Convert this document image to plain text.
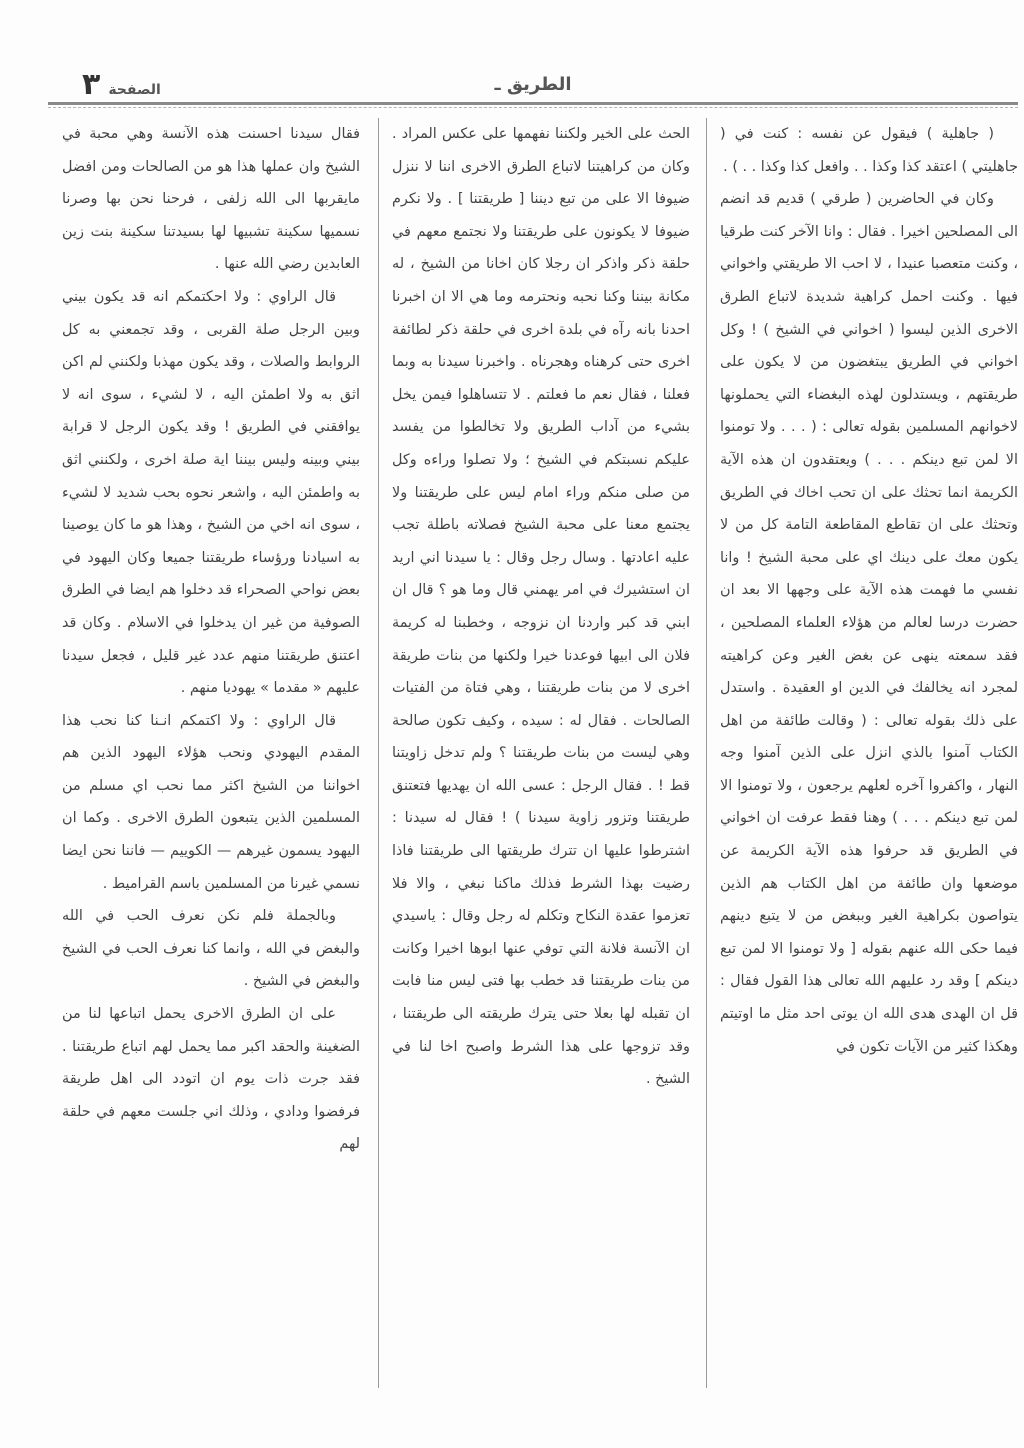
الطريق ـ
الصفحة
٣

( جاهلية ) فيقول عن نفسه : كنت في ( جاهليتي ) اعتقد كذا وكذا . . وافعل كذا وكذا . . ) .

وكان في الحاضرين ( طرقي ) قديم قد انضم الى المصلحين اخيرا . فقال : وانا الآخر كنت طرقيا ، وكنت متعصبا عنيدا ، لا احب الا طريقتي واخواني فيها . وكنت احمل كراهية شديدة لاتباع الطرق الاخرى الذين ليسوا ( اخواني في الشيخ ) ! وكل اخواني في الطريق يبتغضون من لا يكون على طريقتهم ، ويستدلون لهذه البغضاء التي يحملونها لاخوانهم المسلمين بقوله تعالى : ( . . . ولا تومنوا الا لمن تبع دينكم . . . ) ويعتقدون ان هذه الآية الكريمة انما تحثك على ان تحب اخاك في الطريق وتحثك على ان تقاطع المقاطعة التامة كل من لا يكون معك على دينك اي على محبة الشيخ ! وانا نفسي ما فهمت هذه الآية على وجهها الا بعد ان حضرت درسا لعالم من هؤلاء العلماء المصلحين ، فقد سمعته ينهى عن بغض الغير وعن كراهيته لمجرد انه يخالفك في الدين او العقيدة . واستدل على ذلك بقوله تعالى : ( وقالت طائفة من اهل الكتاب آمنوا بالذي انزل على الذين آمنوا وجه النهار ، واكفروا آخره لعلهم يرجعون ، ولا تومنوا الا لمن تبع دينكم . . . ) وهنا فقط عرفت ان اخواني في الطريق قد حرفوا هذه الآية الكريمة عن موضعها وان طائفة من اهل الكتاب هم الذين يتواصون بكراهية الغير وببغض من لا يتبع دينهم فيما حكى الله عنهم بقوله [ ولا تومنوا الا لمن تبع دينكم ] وقد رد عليهم الله تعالى هذا القول فقال : قل ان الهدى هدى الله ان يوتى احد مثل ما اوتيتم وهكذا كثير من الآيات تكون في

الحث على الخير ولكننا نفهمها على عكس المراد . وكان من كراهيتنا لاتباع الطرق الاخرى اننا لا ننزل ضيوفا الا على من تبع ديننا [ طريقتنا ] . ولا نكرم ضيوفا لا يكونون على طريقتنا ولا نجتمع معهم في حلقة ذكر واذكر ان رجلا كان اخانا من الشيخ ، له مكانة بيننا وكنا نحبه ونحترمه وما هي الا ان اخبرنا احدنا بانه رآه في بلدة اخرى في حلقة ذكر لطائفة اخرى حتى كرهناه وهجرناه . واخبرنا سيدنا به وبما فعلنا ، فقال نعم ما فعلتم . لا تتساهلوا فيمن يخل بشيء من آداب الطريق ولا تخالطوا من يفسد عليكم نسبتكم في الشيخ ؛ ولا تصلوا وراءه وكل من صلى منكم وراء امام ليس على طريقتنا ولا يجتمع معنا على محبة الشيخ فصلاته باطلة تجب عليه اعادتها . وسال رجل وقال : يا سيدنا اني اريد ان استشيرك في امر يهمني قال وما هو ؟ قال ان ابني قد كبر واردنا ان نزوجه ، وخطبنا له كريمة فلان الى ابيها فوعدنا خيرا ولكنها من بنات طريقة اخرى لا من بنات طريقتنا ، وهي فتاة من الفتيات الصالحات . فقال له : سيده ، وكيف تكون صالحة وهي ليست من بنات طريقتنا ؟ ولم تدخل زاويتنا قط ! . فقال الرجل : عسى الله ان يهديها فتعتنق طريقتنا وتزور زاوية سيدنا ) ! فقال له سيدنا : اشترطوا عليها ان تترك طريقتها الى طريقتنا فاذا رضيت بهذا الشرط فذلك ماكنا نبغي ، والا فلا تعزموا عقدة النكاح وتكلم له رجل وقال : ياسيدي ان الآنسة فلانة التي توفي عنها ابوها اخيرا وكانت من بنات طريقتنا قد خطب بها فتى ليس منا فابت ان تقبله لها بعلا حتى يترك طريقته الى طريقتنا ، وقد تزوجها على هذا الشرط واصبح اخا لنا في الشيخ .

فقال سيدنا احسنت هذه الآنسة وهي محبة في الشيخ وان عملها هذا هو من الصالحات ومن افضل مايقربها الى الله زلفى ، فرحنا نحن بها وصرنا نسميها سكينة تشبيها لها بسيدتنا سكينة بنت زين العابدين رضي الله عنها .

قال الراوي : ولا احكتمكم انه قد يكون بيني وبين الرجل صلة القربى ، وقد تجمعني به كل الروابط والصلات ، وقد يكون مهذبا ولكنني لم اكن اثق به ولا اطمئن اليه ، لا لشيء ، سوى انه لا يوافقني في الطريق ! وقد يكون الرجل لا قرابة بيني وبينه وليس بيننا اية صلة اخرى ، ولكنني اثق به واطمئن اليه ، واشعر نحوه بحب شديد لا لشيء ، سوى انه اخي من الشيخ ، وهذا هو ما كان يوصينا به اسيادنا ورؤساء طريقتنا جميعا وكان اليهود في بعض نواحي الصحراء قد دخلوا هم ايضا في الطرق الصوفية من غير ان يدخلوا في الاسلام . وكان قد اعتنق طريقتنا منهم عدد غير قليل ، فجعل سيدنا عليهم « مقدما » يهوديا منهم .

قال الراوي : ولا اكتمكم انـنا كنا نحب هذا المقدم اليهودي ونحب هؤلاء اليهود الذين هم اخواننا من الشيخ اكثر مما نحب اي مسلم من المسلمين الذين يتبعون الطرق الاخرى . وكما ان اليهود يسمون غيرهم — الكوييم — فاننا نحن ايضا نسمي غيرنا من المسلمين باسم القراميط .

وبالجملة فلم نكن نعرف الحب في الله والبغض في الله ، وانما كنا نعرف الحب في الشيخ والبغض في الشيخ .

على ان الطرق الاخرى يحمل اتباعها لنا من الضغينة والحقد اكبر مما يحمل لهم اتباع طريقتنا . فقد جرت ذات يوم ان اتودد الى اهل طريقة فرفضوا ودادي ، وذلك اني جلست معهم في حلقة لهم
